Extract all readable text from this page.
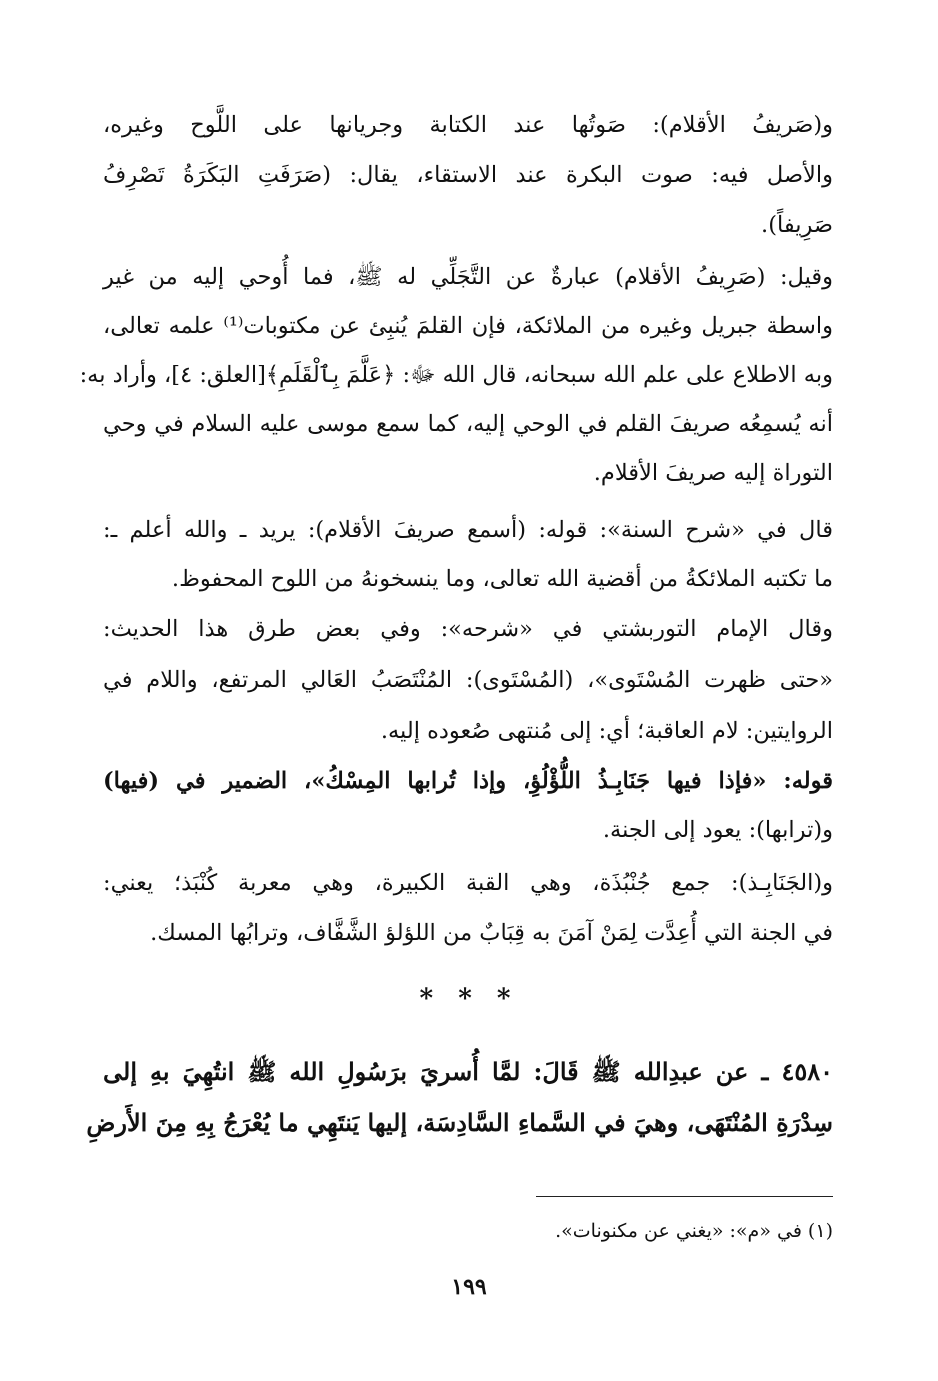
و(صَريفُ الأقلام): صَوتُها عند الكتابة وجريانها على اللَّوح وغيره،
والأصل فيه: صوت البكرة عند الاستقاء، يقال: (صَرَفَتِ البَكَرَةُ تَصْرِفُ
صَرِيفاً).
وقيل: (صَرِيفُ الأقلام) عبارةٌ عن التَّجَلِّي له ﷺ، فما أُوحي إليه من غير
واسطة جبريل وغيره من الملائكة، فإن القلمَ يُنبِئ عن مكتوبات⁽¹⁾ علمه تعالى،
وبه الاطلاع على علم الله سبحانه، قال الله ﷻ: ﴿عَلَّمَ بِٱلْقَلَمِ﴾[العلق: ٤]، وأراد به:
أنه يُسمِعُه صريفَ القلم في الوحي إليه، كما سمع موسى عليه السلام في وحي
التوراة إليه صريفَ الأقلام.
قال في «شرح السنة»: قوله: (أسمع صريفَ الأقلام): يريد ـ والله أعلم ـ:
ما تكتبه الملائكةُ من أقضية الله تعالى، وما ينسخونهُ من اللوح المحفوظ.
وقال الإمام التوربشتي في «شرحه»: وفي بعض طرق هذا الحديث:
«حتى ظهرت المُسْتَوى»، (المُسْتَوى): المُنْتَصَبُ العَالي المرتفع، واللام في
الروايتين: لام العاقبة؛ أي: إلى مُنتهى صُعوده إليه.
قوله: «فإذا فيها جَنَابِـذُ اللُّؤْلُؤِ، وإذا تُرابها المِسْكُ»، الضمير في (فيها)
و(ترابها): يعود إلى الجنة.
و(الجَنَابِـذ): جمع جُنْبُذَة، وهي القبة الكبيرة، وهي معربة كُنْبَذ؛ يعني:
في الجنة التي أُعِدَّت لِمَنْ آمَنَ به قِبَابٌ من اللؤلؤ الشَّفَّاف، وترابُها المسك.
* * *
٤٥٨٠ ـ عن عبدِالله ﷺ قَالَ: لمَّا أُسريَ برَسُولِ الله ﷺ انتُهِيَ بهِ إلى
سِدْرَةِ المُنْتَهَى، وهيَ في السَّماءِ السَّادِسَة، إليها يَنتَهِي ما يُعْرَجُ بِهِ مِنَ الأَرضِ
(١) في «م»: «يغني عن مكنونات».
١٩٩
